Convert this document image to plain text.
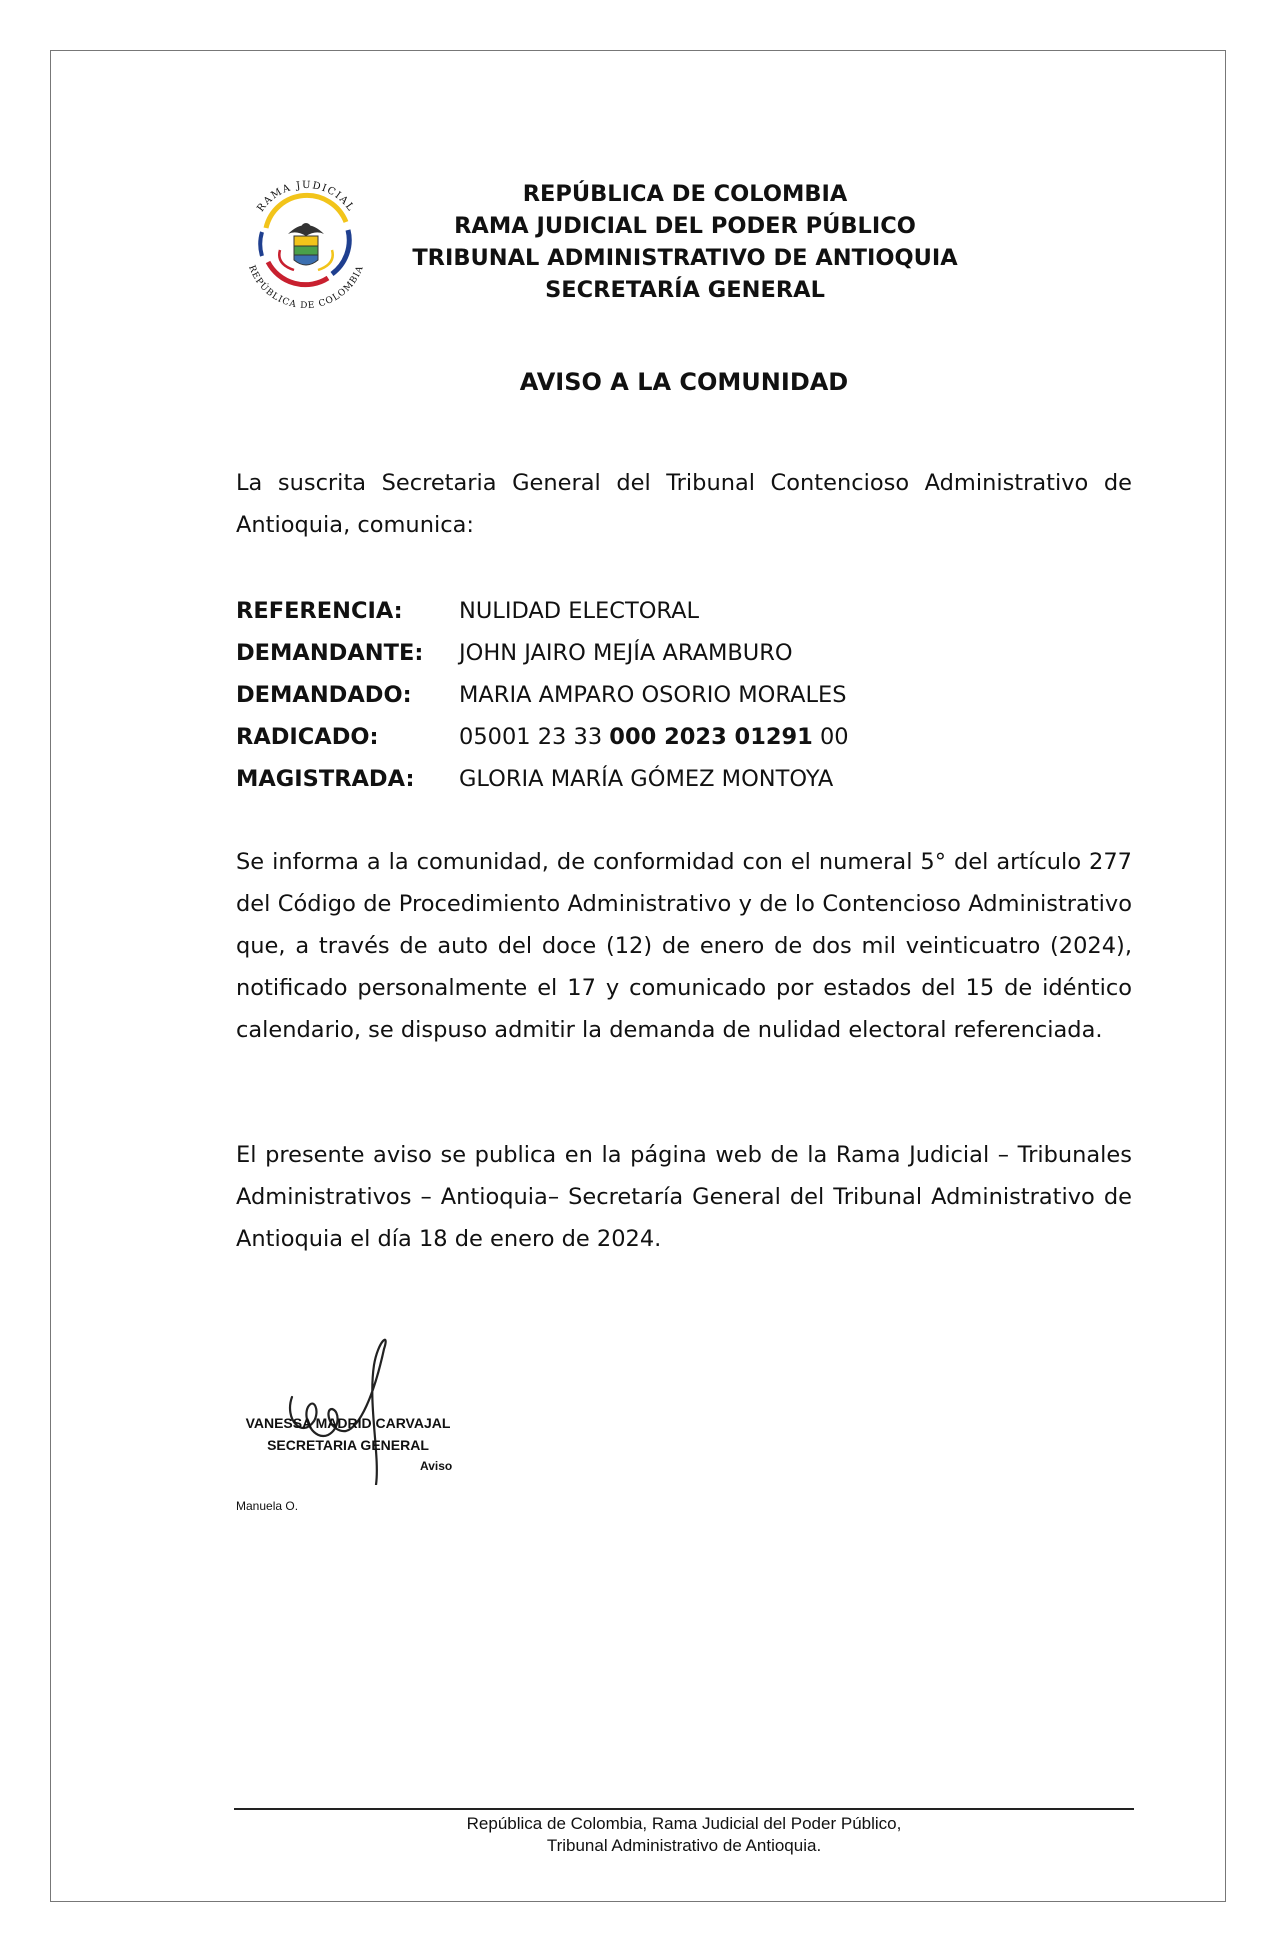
RAMA JUDICIAL
REPÚBLICA DE COLOMBIA
REPÚBLICA DE COLOMBIA
RAMA JUDICIAL DEL PODER PÚBLICO
TRIBUNAL ADMINISTRATIVO DE ANTIOQUIA
SECRETARÍA GENERAL
AVISO A LA COMUNIDAD

La suscrita Secretaria General del Tribunal Contencioso Administrativo de Antioquia, comunica:

REFERENCIA:	NULIDAD ELECTORAL
DEMANDANTE: JOHN JAIRO MEJÍA ARAMBURO
DEMANDADO: MARIA AMPARO OSORIO MORALES
RADICADO:	05001 23 33 000 2023 01291 00
MAGISTRADA: GLORIA MARÍA GÓMEZ MONTOYA

Se informa a la comunidad, de conformidad con el numeral 5° del artículo 277 del Código de Procedimiento Administrativo y de lo Contencioso Administrativo que, a través de auto del doce (12) de enero de dos mil veinticuatro (2024), notificado personalmente el 17 y comunicado por estados del 15 de idéntico calendario, se dispuso admitir la demanda de nulidad electoral referenciada.

El presente aviso se publica en la página web de la Rama Judicial – Tribunales Administrativos – Antioquia– Secretaría General del Tribunal Administrativo de Antioquia el día 18 de enero de 2024.

VANESSA MADRID CARVAJAL
SECRETARIA GENERAL
Aviso
Manuela O.
República de Colombia, Rama Judicial del Poder Público,
Tribunal Administrativo de Antioquia.
